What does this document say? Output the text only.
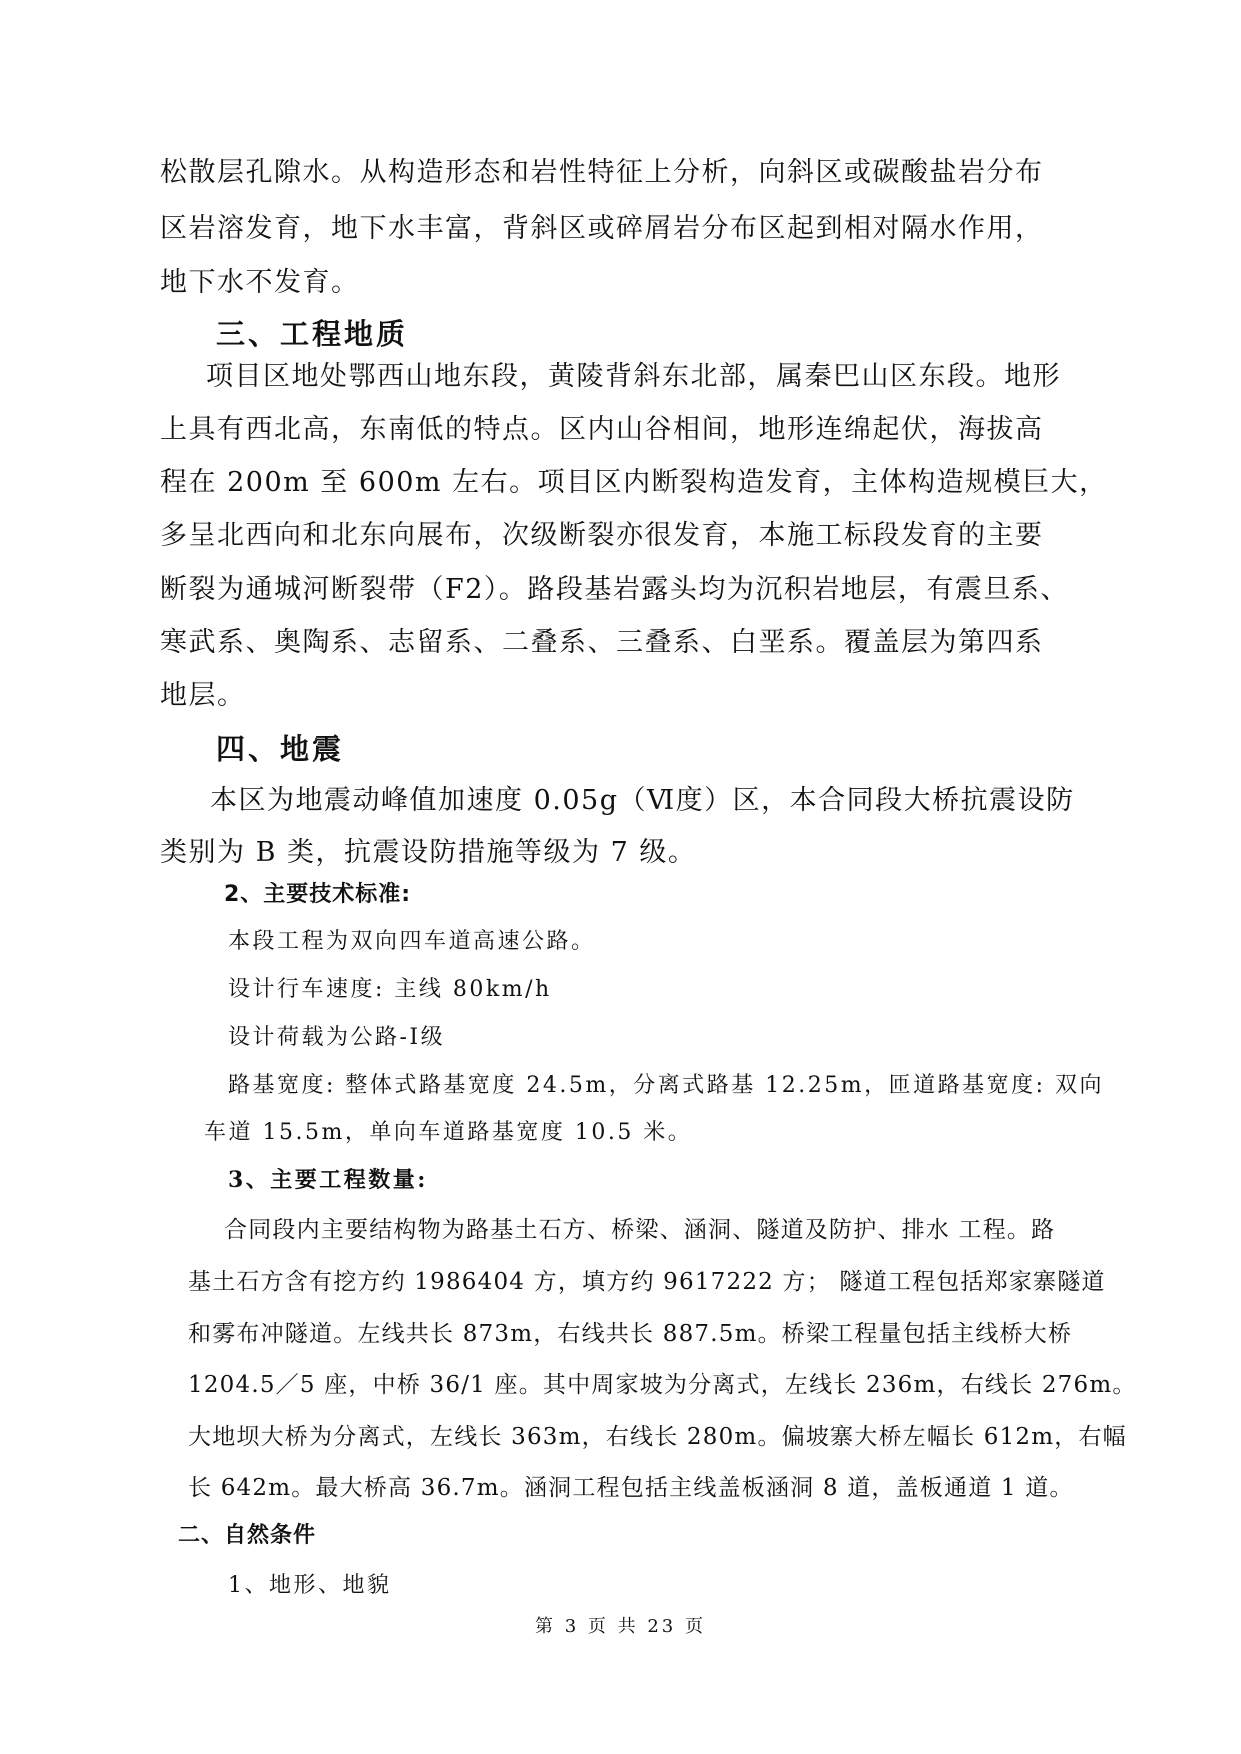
松散层孔隙水。从构造形态和岩性特征上分析，向斜区或碳酸盐岩分布

区岩溶发育，地下水丰富，背斜区或碎屑岩分布区起到相对隔水作用，

地下水不发育。

三、工程地质

项目区地处鄂西山地东段，黄陵背斜东北部，属秦巴山区东段。地形

上具有西北高，东南低的特点。区内山谷相间，地形连绵起伏，海拔高

程在 200m 至 600m 左右。项目区内断裂构造发育，主体构造规模巨大，

多呈北西向和北东向展布，次级断裂亦很发育，本施工标段发育的主要

断裂为通城河断裂带（F2）。路段基岩露头均为沉积岩地层，有震旦系、

寒武系、奥陶系、志留系、二叠系、三叠系、白垩系。覆盖层为第四系

地层。

四、地震

本区为地震动峰值加速度 0.05g（Ⅵ度）区，本合同段大桥抗震设防

类别为 B 类，抗震设防措施等级为 7 级。

2、主要技术标准:

本段工程为双向四车道高速公路。

设计行车速度: 主线 80km/h

设计荷载为公路-Ⅰ级

路基宽度: 整体式路基宽度 24.5m，分离式路基 12.25m，匝道路基宽度: 双向

车道 15.5m，单向车道路基宽度 10.5 米。

3、主要工程数量:

合同段内主要结构物为路基土石方、桥梁、涵洞、隧道及防护、排水 工程。路

基土石方含有挖方约 1986404 方，填方约 9617222 方； 隧道工程包括郑家寨隧道

和雾布冲隧道。左线共长 873m，右线共长 887.5m。桥梁工程量包括主线桥大桥

1204.5／5 座，中桥 36/1 座。其中周家坡为分离式，左线长 236m，右线长 276m。

大地坝大桥为分离式，左线长 363m，右线长 280m。偏坡寨大桥左幅长 612m，右幅

长 642m。最大桥高 36.7m。涵洞工程包括主线盖板涵洞 8 道，盖板通道 1 道。

二、自然条件

1、地形、地貌

第 3 页 共 23 页
